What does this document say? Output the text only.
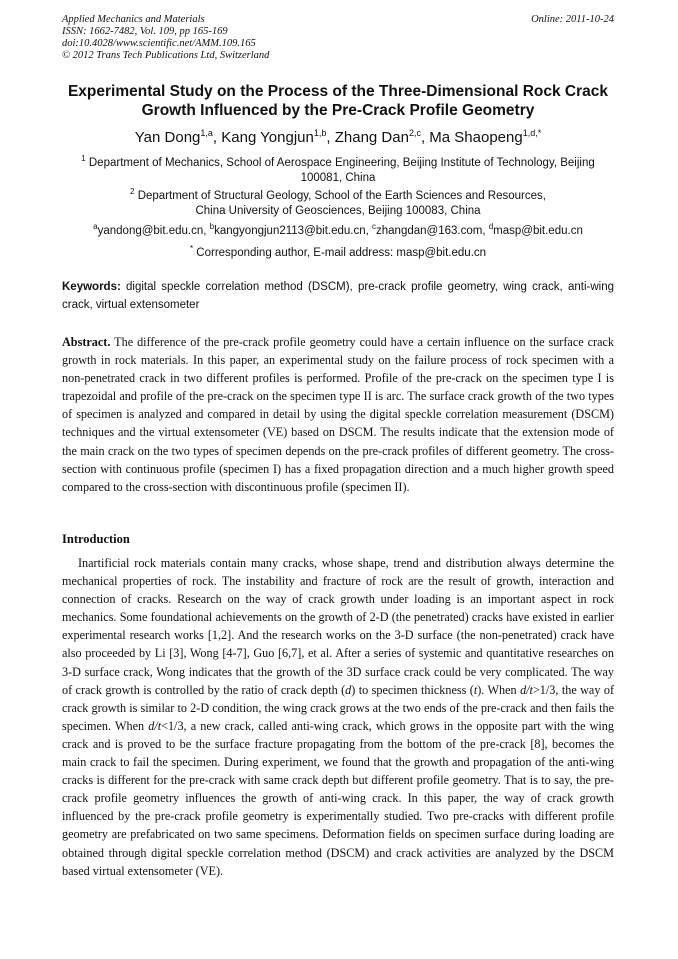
Applied Mechanics and Materials
ISSN: 1662-7482, Vol. 109, pp 165-169
doi:10.4028/www.scientific.net/AMM.109.165
© 2012 Trans Tech Publications Ltd, Switzerland
Online: 2011-10-24
Experimental Study on the Process of the Three-Dimensional Rock Crack Growth Influenced by the Pre-Crack Profile Geometry
Yan Dong$^{1,a}$, Kang Yongjun$^{1,b}$, Zhang Dan$^{2,c}$, Ma Shaopeng$^{1,d,*}$
$^1$ Department of Mechanics, School of Aerospace Engineering, Beijing Institute of Technology, Beijing 100081, China
$^2$ Department of Structural Geology, School of the Earth Sciences and Resources,
China University of Geosciences, Beijing 100083, China
$^a$yandong@bit.edu.cn, $^b$kangyongjun2113@bit.edu.cn, $^c$zhangdan@163.com, $^d$masp@bit.edu.cn
* Corresponding author, E-mail address: masp@bit.edu.cn
Keywords: digital speckle correlation method (DSCM), pre-crack profile geometry, wing crack, anti-wing crack, virtual extensometer
Abstract. The difference of the pre-crack profile geometry could have a certain influence on the surface crack growth in rock materials. In this paper, an experimental study on the failure process of rock specimen with a non-penetrated crack in two different profiles is performed. Profile of the pre-crack on the specimen type I is trapezoidal and profile of the pre-crack on the specimen type II is arc. The surface crack growth of the two types of specimen is analyzed and compared in detail by using the digital speckle correlation measurement (DSCM) techniques and the virtual extensometer (VE) based on DSCM. The results indicate that the extension mode of the main crack on the two types of specimen depends on the pre-crack profiles of different geometry. The cross-section with continuous profile (specimen I) has a fixed propagation direction and a much higher growth speed compared to the cross-section with discontinuous profile (specimen II).
Introduction

Inartificial rock materials contain many cracks, whose shape, trend and distribution always determine the mechanical properties of rock. The instability and fracture of rock are the result of growth, interaction and connection of cracks. Research on the way of crack growth under loading is an important aspect in rock mechanics. Some foundational achievements on the growth of 2-D (the penetrated) cracks have existed in earlier experimental research works [1,2]. And the research works on the 3-D surface (the non-penetrated) crack have also proceeded by Li [3], Wong [4-7], Guo [6,7], et al. After a series of systemic and quantitative researches on 3-D surface crack, Wong indicates that the growth of the 3D surface crack could be very complicated. The way of crack growth is controlled by the ratio of crack depth (d) to specimen thickness (t). When d/t>1/3, the way of crack growth is similar to 2-D condition, the wing crack grows at the two ends of the pre-crack and then fails the specimen. When d/t<1/3, a new crack, called anti-wing crack, which grows in the opposite part with the wing crack and is proved to be the surface fracture propagating from the bottom of the pre-crack [8], becomes the main crack to fail the specimen. During experiment, we found that the growth and propagation of the anti-wing cracks is different for the pre-crack with same crack depth but different profile geometry. That is to say, the pre-crack profile geometry influences the growth of anti-wing crack. In this paper, the way of crack growth influenced by the pre-crack profile geometry is experimentally studied. Two pre-cracks with different profile geometry are prefabricated on two same specimens. Deformation fields on specimen surface during loading are obtained through digital speckle correlation method (DSCM) and crack activities are analyzed by the DSCM based virtual extensometer (VE).
